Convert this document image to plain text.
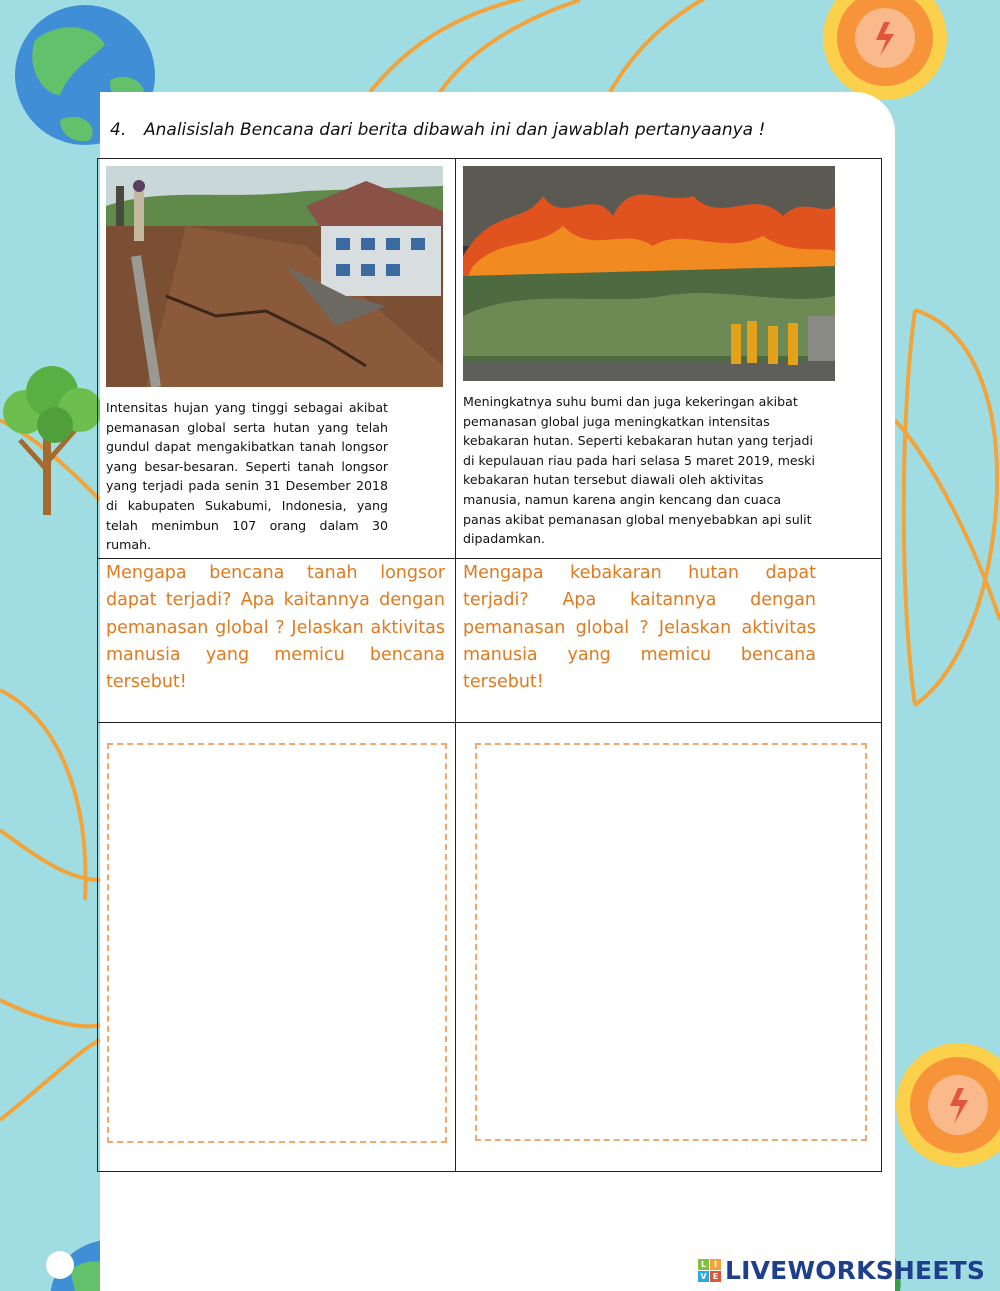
4. Analisislah Bencana dari berita dibawah ini dan jawablah pertanyaanya !
Intensitas hujan yang tinggi sebagai akibat pemanasan global serta hutan yang telah gundul dapat mengakibatkan tanah longsor yang besar-besaran. Seperti tanah longsor yang terjadi pada senin 31 Desember 2018 di kabupaten Sukabumi, Indonesia, yang telah menimbun 107 orang dalam 30 rumah.
Meningkatnya suhu bumi dan juga kekeringan akibat pemanasan global juga meningkatkan intensitas kebakaran hutan. Seperti kebakaran hutan yang terjadi di kepulauan riau pada hari selasa 5 maret 2019, meski kebakaran hutan tersebut diawali oleh aktivitas manusia, namun karena angin kencang dan cuaca panas akibat pemanasan global menyebabkan api sulit dipadamkan.
Mengapa bencana tanah longsor dapat terjadi? Apa kaitannya dengan pemanasan global ? Jelaskan aktivitas manusia yang memicu bencana tersebut!
Mengapa kebakaran hutan dapat terjadi? Apa kaitannya dengan pemanasan global ? Jelaskan aktivitas manusia yang memicu bencana tersebut!
L I
V E LIVEWORKSHEETS
